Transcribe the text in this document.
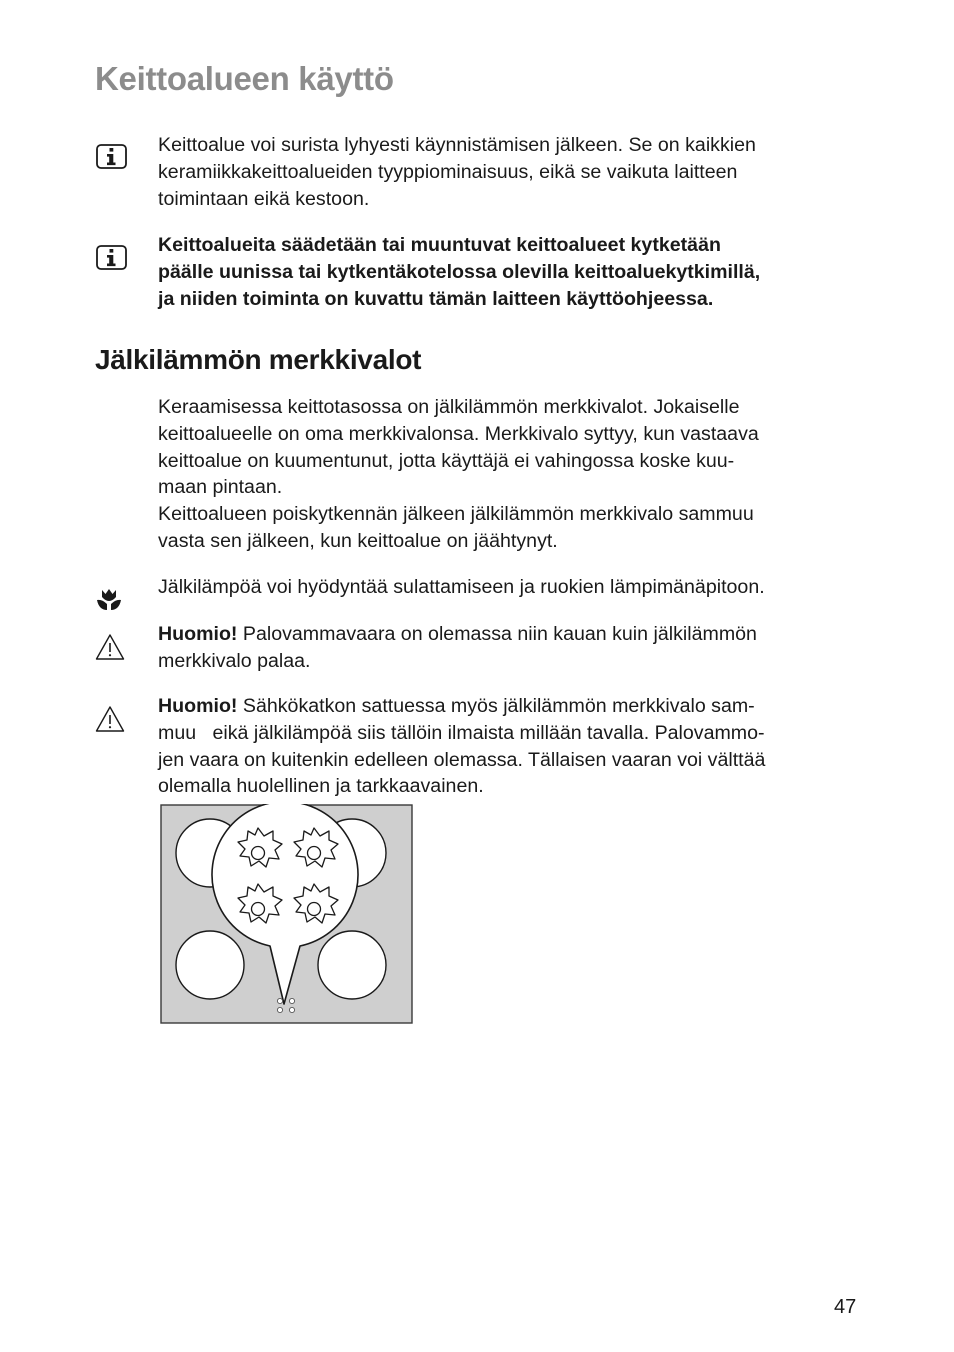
Keittoalueen käyttö

Keittoalue voi surista lyhyesti käynnistämisen jälkeen. Se on kaikkien
keramiikkakeittoalueiden tyyppiominaisuus, eikä se vaikuta laitteen
toimintaan eikä kestoon.

Keittoalueita säädetään tai muuntuvat keittoalueet kytketään
päälle uunissa tai kytkentäkotelossa olevilla keittoaluekytkimillä,
ja niiden toiminta on kuvattu tämän laitteen käyttöohjeessa.

Jälkilämmön merkkivalot

Keraamisessa keittotasossa on jälkilämmön merkkivalot. Jokaiselle
keittoalueelle on oma merkkivalonsa. Merkkivalo syttyy, kun vastaava
keittoalue on kuumentunut, jotta käyttäjä ei vahingossa koske kuu-
maan pintaan.
Keittoalueen poiskytkennän jälkeen jälkilämmön merkkivalo sammuu
vasta sen jälkeen, kun keittoalue on jäähtynyt.

Jälkilämpöä voi hyödyntää sulattamiseen ja ruokien lämpimänäpitoon.

Huomio! Palovammavaara on olemassa niin kauan kuin jälkilämmön
merkkivalo palaa.

Huomio! Sähkökatkon sattuessa myös jälkilämmön merkkivalo sam-
muu   eikä jälkilämpöä siis tällöin ilmaista millään tavalla. Palovammo-
jen vaara on kuitenkin edelleen olemassa. Tällaisen vaaran voi välttää
olemalla huolellinen ja tarkkaavainen.

47
